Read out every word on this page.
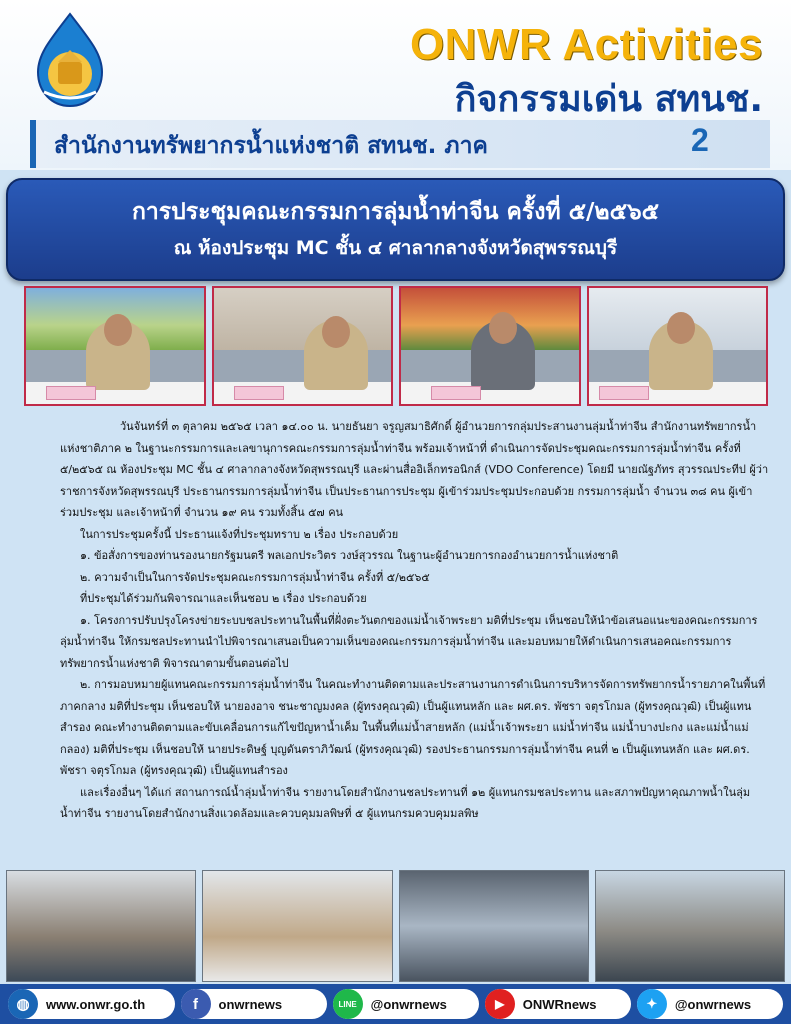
ONWR Activities
กิจกรรมเด่น สทนช.
สำนักงานทรัพยากรน้ำแห่งชาติ สทนช. ภาค	2
การประชุมคณะกรรมการลุ่มน้ำท่าจีน ครั้งที่ ๕/๒๕๖๕
ณ ห้องประชุม MC ชั้น ๔ ศาลากลางจังหวัดสุพรรณบุรี

วันจันทร์ที่ ๓ ตุลาคม ๒๕๖๕ เวลา ๑๔.๐๐ น. นายธันยา จรูญสมาธิศักดิ์ ผู้อำนวยการกลุ่มประสานงานลุ่มน้ำท่าจีน สำนักงานทรัพยากรน้ำแห่งชาติภาค ๒ ในฐานะกรรมการและเลขานุการคณะกรรมการลุ่มน้ำท่าจีน พร้อมเจ้าหน้าที่ ดำเนินการจัดประชุมคณะกรรมการลุ่มน้ำท่าจีน ครั้งที่ ๕/๒๕๖๕ ณ ห้องประชุม MC ชั้น ๔ ศาลากลางจังหวัดสุพรรณบุรี และผ่านสื่ออิเล็กทรอนิกส์ (VDO Conference) โดยมี นายณัฐภัทร สุวรรณประทีป ผู้ว่าราชการจังหวัดสุพรรณบุรี ประธานกรรมการลุ่มน้ำท่าจีน เป็นประธานการประชุม ผู้เข้าร่วมประชุมประกอบด้วย กรรมการลุ่มน้ำ จำนวน ๓๘ คน ผู้เข้าร่วมประชุม และเจ้าหน้าที่ จำนวน ๑๙ คน รวมทั้งสิ้น ๕๗ คน

ในการประชุมครั้งนี้ ประธานแจ้งที่ประชุมทราบ ๒ เรื่อง ประกอบด้วย

๑. ข้อสั่งการของท่านรองนายกรัฐมนตรี พลเอกประวิตร วงษ์สุวรรณ ในฐานะผู้อำนวยการกองอำนวยการน้ำแห่งชาติ

๒. ความจำเป็นในการจัดประชุมคณะกรรมการลุ่มน้ำท่าจีน ครั้งที่ ๕/๒๕๖๕

ที่ประชุมได้ร่วมกันพิจารณาและเห็นชอบ ๒ เรื่อง ประกอบด้วย

๑. โครงการปรับปรุงโครงข่ายระบบชลประทานในพื้นที่ฝั่งตะวันตกของแม่น้ำเจ้าพระยา มติที่ประชุม เห็นชอบให้นำข้อเสนอแนะของคณะกรรมการลุ่มน้ำท่าจีน ให้กรมชลประทานนำไปพิจารณาเสนอเป็นความเห็นของคณะกรรมการลุ่มน้ำท่าจีน และมอบหมายให้ดำเนินการเสนอคณะกรรมการทรัพยากรน้ำแห่งชาติ พิจารณาตามขั้นตอนต่อไป

๒. การมอบหมายผู้แทนคณะกรรมการลุ่มน้ำท่าจีน ในคณะทำงานติดตามและประสานงานการดำเนินการบริหารจัดการทรัพยากรน้ำรายภาคในพื้นที่ภาคกลาง มติที่ประชุม เห็นชอบให้ นายองอาจ ชนะชาญมงคล (ผู้ทรงคุณวุฒิ) เป็นผู้แทนหลัก และ ผศ.ดร. พัชรา จตุรโกมล (ผู้ทรงคุณวุฒิ) เป็นผู้แทนสำรอง คณะทำงานติดตามและขับเคลื่อนการแก้ไขปัญหาน้ำเค็ม ในพื้นที่แม่น้ำสายหลัก (แม่น้ำเจ้าพระยา แม่น้ำท่าจีน แม่น้ำบางปะกง และแม่น้ำแม่กลอง) มติที่ประชุม เห็นชอบให้ นายประดิษฐ์ บุญดันตราภิวัฒน์ (ผู้ทรงคุณวุฒิ) รองประธานกรรมการลุ่มน้ำท่าจีน คนที่ ๒ เป็นผู้แทนหลัก และ ผศ.ดร. พัชรา จตุรโกมล (ผู้ทรงคุณวุฒิ) เป็นผู้แทนสำรอง

และเรื่องอื่นๆ ได้แก่ สถานการณ์น้ำลุ่มน้ำท่าจีน รายงานโดยสำนักงานชลประทานที่ ๑๒ ผู้แทนกรมชลประทาน และสภาพปัญหาคุณภาพน้ำในลุ่มน้ำท่าจีน รายงานโดยสำนักงานสิ่งแวดล้อมและควบคุมมลพิษที่ ๕ ผู้แทนกรมควบคุมมลพิษ

◍	www.onwr.go.th	f	onwrnews	LINE	@onwrnews	▶	ONWRnews	✦	@onwrnews
